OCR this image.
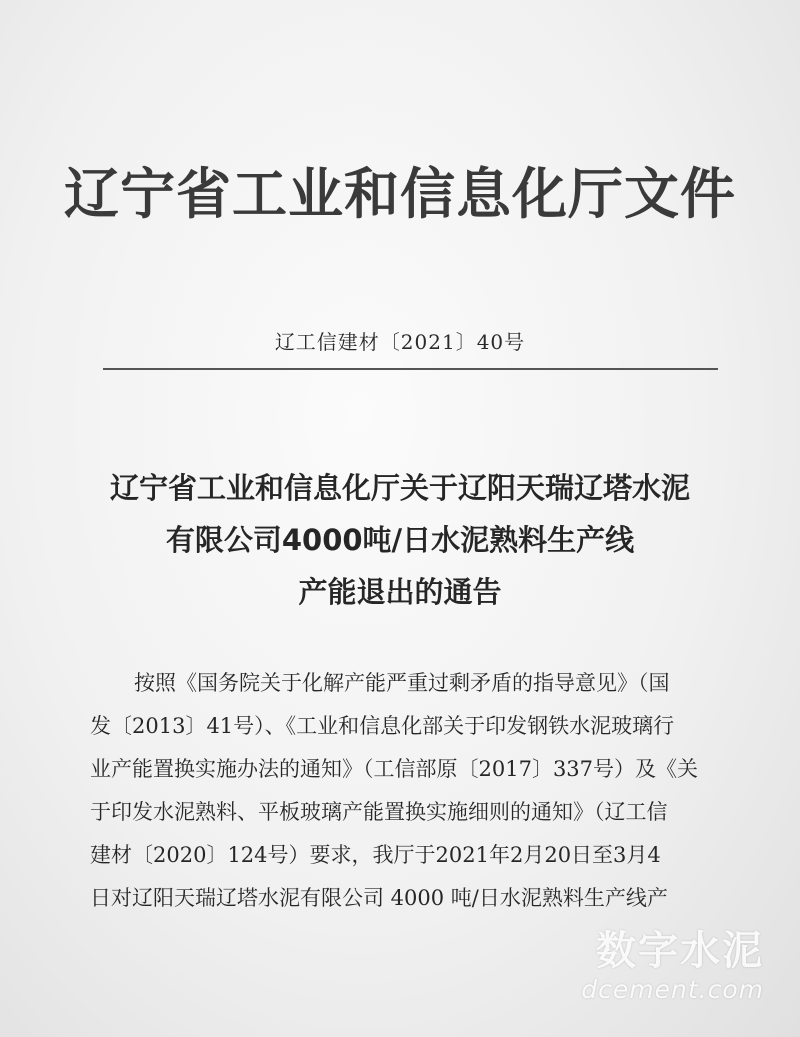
辽宁省工业和信息化厅文件
辽工信建材〔2021〕40号
辽宁省工业和信息化厅关于辽阳天瑞辽塔水泥
有限公司4000吨/日水泥熟料生产线
产能退出的通告
按照《国务院关于化解产能严重过剩矛盾的指导意见》（国
发〔2013〕41号）、《工业和信息化部关于印发钢铁水泥玻璃行
业产能置换实施办法的通知》（工信部原〔2017〕337号）及《关
于印发水泥熟料、平板玻璃产能置换实施细则的通知》（辽工信
建材〔2020〕124号）要求，我厅于2021年2月20日至3月4
日对辽阳天瑞辽塔水泥有限公司 4000 吨/日水泥熟料生产线产
数字水泥
dcement.com
